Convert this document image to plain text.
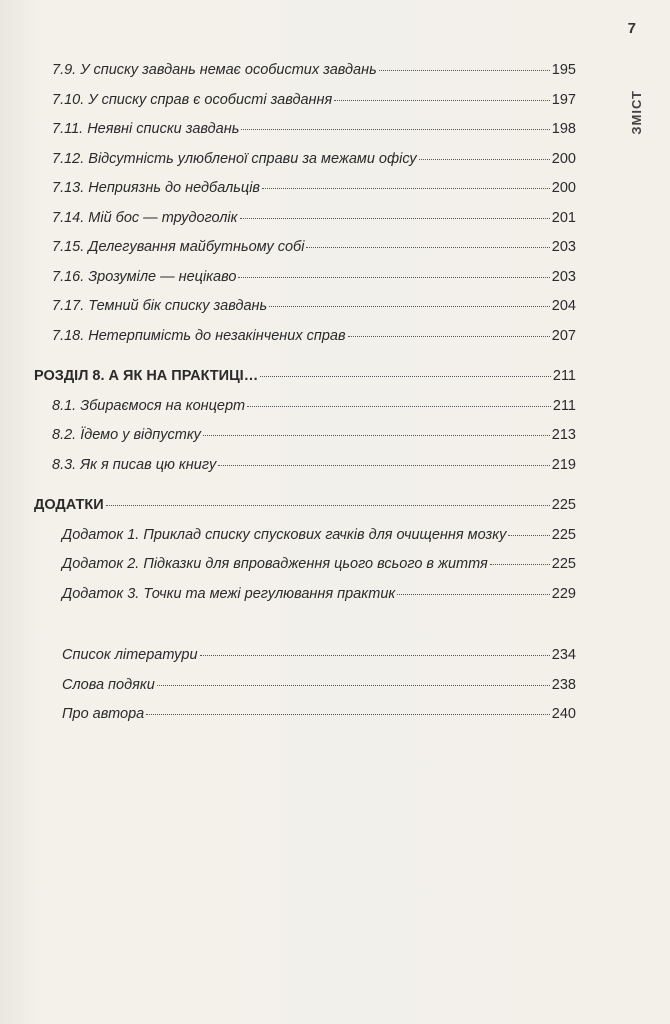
7
ЗМІСТ
7.9. У списку завдань немає особистих завдань	195
7.10. У списку справ є особисті завдання	197
7.11. Неявні списки завдань	198
7.12. Відсутність улюбленої справи за межами офісу	200
7.13. Неприязнь до недбальців	200
7.14. Мій бос — трудоголік	201
7.15. Делегування майбутньому собі	203
7.16. Зрозуміле — нецікаво	203
7.17. Темний бік списку завдань	204
7.18. Нетерпимість до незакінчених справ	207
РОЗДІЛ 8. А ЯК НА ПРАКТИЦІ…	211
8.1. Збираємося на концерт	211
8.2. Їдемо у відпустку	213
8.3. Як я писав цю книгу	219
ДОДАТКИ	225
Додаток 1. Приклад списку спускових гачків для очищення мозку	225
Додаток 2. Підказки для впровадження цього всього в життя	225
Додаток 3. Точки та межі регулювання практик	229
Список літератури	234
Слова подяки	238
Про автора	240
